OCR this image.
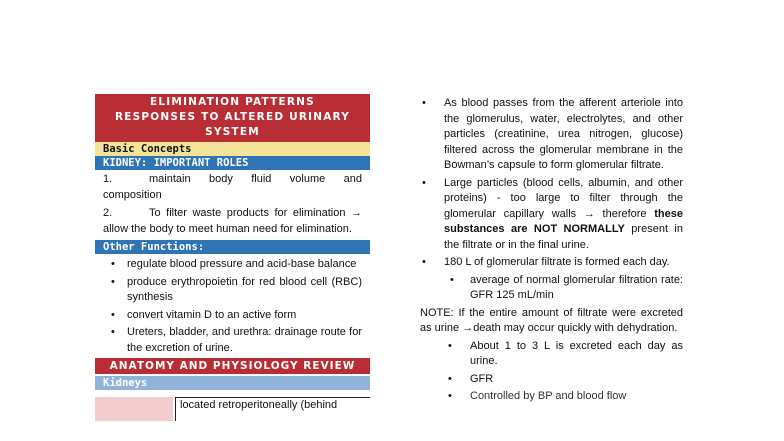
ELIMINATION PATTERNS
RESPONSES TO ALTERED URINARY
SYSTEM
Basic Concepts
KIDNEY: IMPORTANT ROLES
1.	maintain body fluid volume and composition
2.	To filter waste products for elimination → allow the body to meet human need for elimination.
Other Functions:
• regulate blood pressure and acid-base balance
• produce erythropoietin for red blood cell (RBC) synthesis
• convert vitamin D to an active form
• Ureters, bladder, and urethra: drainage route for the excretion of urine.
ANATOMY AND PHYSIOLOGY REVIEW
Kidneys
located retroperitoneally (behind
• As blood passes from the afferent arteriole into the glomerulus, water, electrolytes, and other particles (creatinine, urea nitrogen, glucose) filtered across the glomerular membrane in the Bowman’s capsule to form glomerular filtrate.
• Large particles (blood cells, albumin, and other proteins) - too large to filter through the glomerular capillary walls → therefore these substances are NOT NORMALLY present in the filtrate or in the final urine.
• 180 L of glomerular filtrate is formed each day.
• average of normal glomerular filtration rate: GFR 125 mL/min
NOTE: If the entire amount of filtrate were excreted as urine →death may occur quickly with dehydration.
• About 1 to 3 L is excreted each day as urine.
• GFR
• Controlled by BP and blood flow
